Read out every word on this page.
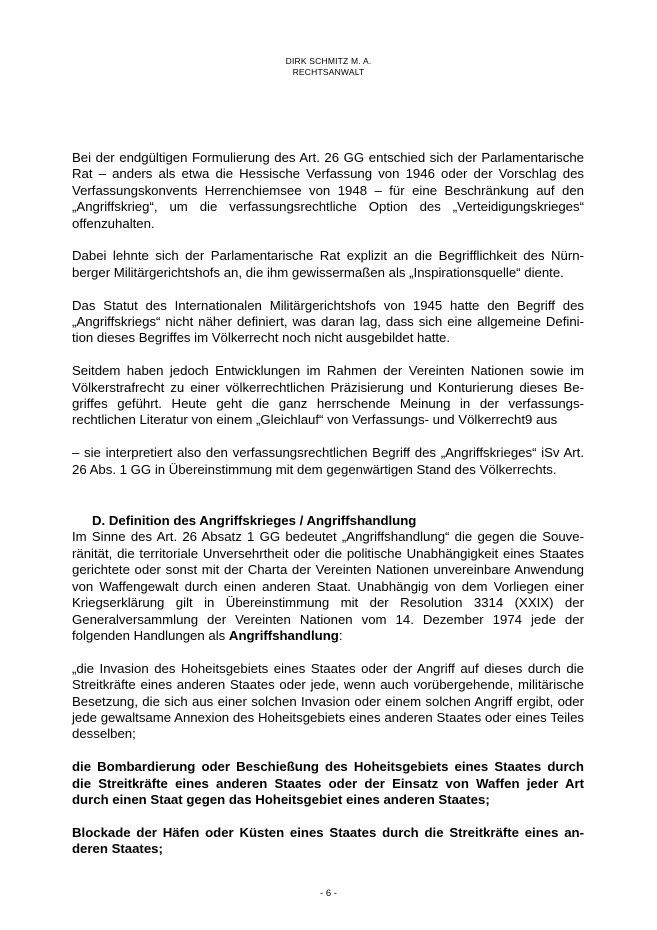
DIRK SCHMITZ M. A.
RECHTSANWALT

Bei der endgültigen Formulierung des Art. 26 GG entschied sich der Parlamentarische Rat – anders als etwa die Hessische Verfassung von 1946 oder der Vorschlag des Verfassungskonvents Herrenchiemsee von 1948 – für eine Beschränkung auf den „Angriffskrieg“, um die verfassungsrechtliche Option des „Verteidigungskrieges“ offenzuhalten.

Dabei lehnte sich der Parlamentarische Rat explizit an die Begrifflichkeit des Nürnberger Militärgerichtshofs an, die ihm gewissermaßen als „Inspirationsquelle“ diente.

Das Statut des Internationalen Militärgerichtshofs von 1945 hatte den Begriff des „Angriffskriegs“ nicht näher definiert, was daran lag, dass sich eine allgemeine Definition dieses Begriffes im Völkerrecht noch nicht ausgebildet hatte.

Seitdem haben jedoch Entwicklungen im Rahmen der Vereinten Nationen sowie im Völkerstrafrecht zu einer völkerrechtlichen Präzisierung und Konturierung dieses Begriffes geführt. Heute geht die ganz herrschende Meinung in der verfassungsrechtlichen Literatur von einem „Gleichlauf“ von Verfassungs- und Völkerrecht9 aus

– sie interpretiert also den verfassungsrechtlichen Begriff des „Angriffskrieges“ iSv Art. 26 Abs. 1 GG in Übereinstimmung mit dem gegenwärtigen Stand des Völkerrechts.

D. Definition des Angriffskrieges / Angriffshandlung

Im Sinne des Art. 26 Absatz 1 GG bedeutet „Angriffshandlung“ die gegen die Souveränität, die territoriale Unversehrtheit oder die politische Unabhängigkeit eines Staates gerichtete oder sonst mit der Charta der Vereinten Nationen unvereinbare Anwendung von Waffengewalt durch einen anderen Staat. Unabhängig von dem Vorliegen einer Kriegserklärung gilt in Übereinstimmung mit der Resolution 3314 (XXIX) der Generalversammlung der Vereinten Nationen vom 14. Dezember 1974 jede der folgenden Handlungen als Angriffshandlung:

„die Invasion des Hoheitsgebiets eines Staates oder der Angriff auf dieses durch die Streitkräfte eines anderen Staates oder jede, wenn auch vorübergehende, militärische Besetzung, die sich aus einer solchen Invasion oder einem solchen Angriff ergibt, oder jede gewaltsame Annexion des Hoheitsgebiets eines anderen Staates oder eines Teiles desselben;

die Bombardierung oder Beschießung des Hoheitsgebiets eines Staates durch die Streitkräfte eines anderen Staates oder der Einsatz von Waffen jeder Art durch einen Staat gegen das Hoheitsgebiet eines anderen Staates;

Blockade der Häfen oder Küsten eines Staates durch die Streitkräfte eines anderen Staates;

- 6 -
